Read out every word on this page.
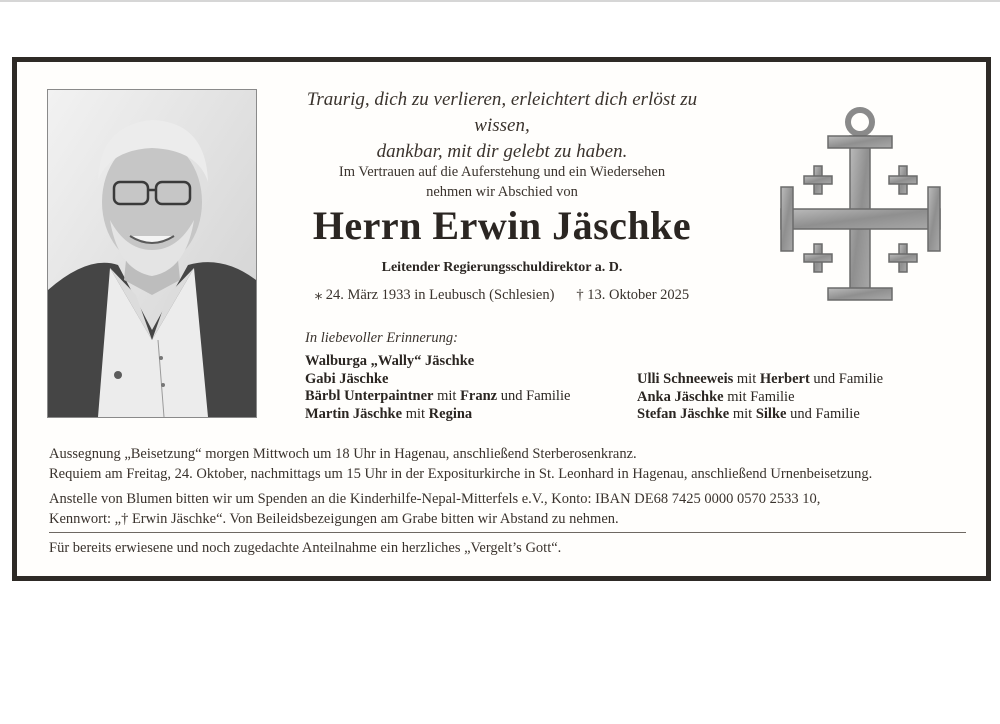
Traurig, dich zu verlieren, erleichtert dich erlöst zu wissen,
dankbar, mit dir gelebt zu haben.
Im Vertrauen auf die Auferstehung und ein Wiedersehen
nehmen wir Abschied von
Herrn Erwin Jäschke
Leitender Regierungsschuldirektor a. D.
⁎ 24. März 1933 in Leubusch (Schlesien) † 13. Oktober 2025
In liebevoller Erinnerung:
Walburga „Wally“ Jäschke
Gabi Jäschke
Bärbl Unterpaintner mit Franz und Familie
Martin Jäschke mit Regina
Ulli Schneeweis mit Herbert und Familie
Anka Jäschke mit Familie
Stefan Jäschke mit Silke und Familie
Aussegnung „Beisetzung“ morgen Mittwoch um 18 Uhr in Hagenau, anschließend Sterberosenkranz.
Requiem am Freitag, 24. Oktober, nachmittags um 15 Uhr in der Expositurkirche in St. Leonhard in Hagenau, anschließend Urnenbeisetzung.
Anstelle von Blumen bitten wir um Spenden an die Kinderhilfe-Nepal-Mitterfels e.V., Konto: IBAN DE68 7425 0000 0570 2533 10,
Kennwort: „† Erwin Jäschke“. Von Beileidsbezeigungen am Grabe bitten wir Abstand zu nehmen.
Für bereits erwiesene und noch zugedachte Anteilnahme ein herzliches „Vergelt’s Gott“.
